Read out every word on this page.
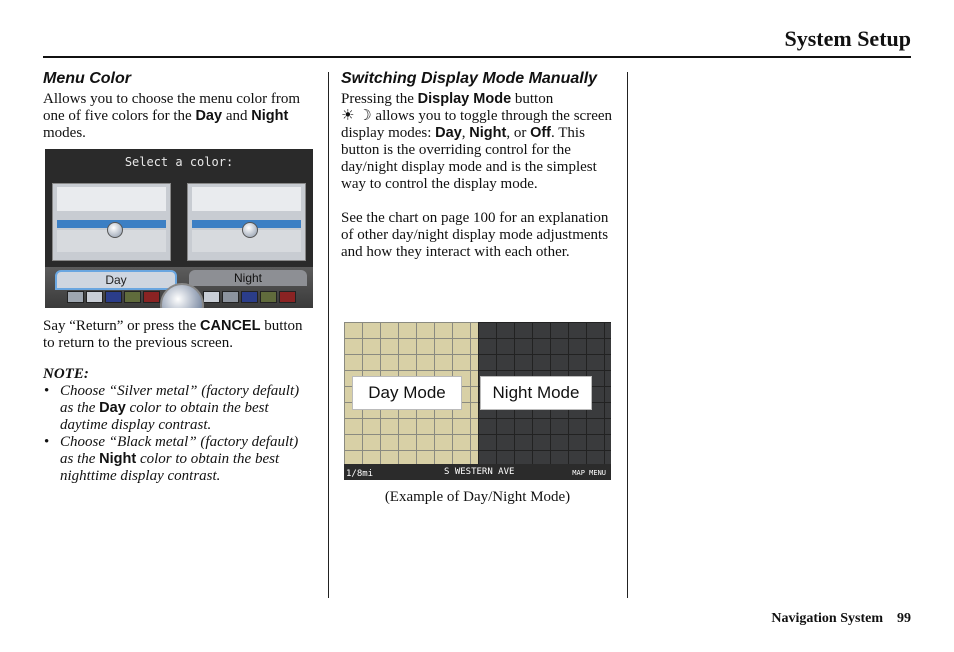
System Setup
Menu Color

Allows you to choose the menu color from one of five colors for the Day and Night modes.

Select a color:
Day	Night

Say “Return” or press the CANCEL button to return to the previous screen.

NOTE:

• Choose “Silver metal” (factory default) as the Day color to obtain the best daytime display contrast.
• Choose “Black metal” (factory default) as the Night color to obtain the best nighttime display contrast.
Switching Display Mode Manually

Pressing the Display Mode button
☀ ☽ allows you to toggle through the screen display modes: Day, Night, or Off. This button is the overriding control for the day/night display mode and is the simplest way to control the display mode.

See the chart on page 100 for an explanation of other day/night display mode adjustments and how they interact with each other.

Day Mode	Night Mode
1/8mi	S WESTERN AVE	MAP MENU
(Example of Day/Night Mode)
Navigation System 99
